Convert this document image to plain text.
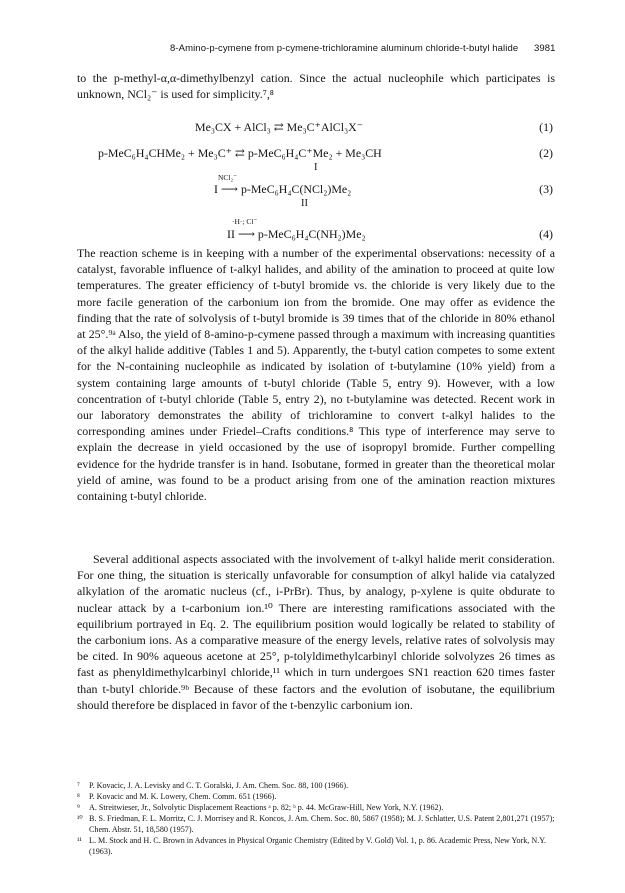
8-Amino-p-cymene from p-cymene-trichloramine aluminum chloride-t-butyl halide 3981

to the p-methyl-α,α-dimethylbenzyl cation. Since the actual nucleophile which participates is unknown, NCl₂⁻ is used for simplicity.⁷,⁸

Me₃CX + AlCl₃ ⇄ Me₃C⁺AlCl₃X⁻	(1)
p-MeC₆H₄CHMe₂ + Me₃C⁺ ⇄ p-MeC₆H₄C⁺Me₂ + Me₃CH	(2)
I
NCl₂⁻
I ⟶ p-MeC₆H₄C(NCl₂)Me₂	(3)
II
·H·; Cl⁻
II ⟶ p-MeC₆H₄C(NH₂)Me₂	(4)

The reaction scheme is in keeping with a number of the experimental observations: necessity of a catalyst, favorable influence of t-alkyl halides, and ability of the amination to proceed at quite low temperatures. The greater efficiency of t-butyl bromide vs. the chloride is very likely due to the more facile generation of the carbonium ion from the bromide. One may offer as evidence the finding that the rate of solvolysis of t-butyl bromide is 39 times that of the chloride in 80% ethanol at 25°.⁹ᵃ Also, the yield of 8-amino-p-cymene passed through a maximum with increasing quantities of the alkyl halide additive (Tables 1 and 5). Apparently, the t-butyl cation competes to some extent for the N-containing nucleophile as indicated by isolation of t-butylamine (10% yield) from a system containing large amounts of t-butyl chloride (Table 5, entry 9). However, with a low concentration of t-butyl chloride (Table 5, entry 2), no t-butylamine was detected. Recent work in our laboratory demonstrates the ability of trichloramine to convert t-alkyl halides to the corresponding amines under Friedel–Crafts conditions.⁸ This type of interference may serve to explain the decrease in yield occasioned by the use of isopropyl bromide. Further compelling evidence for the hydride transfer is in hand. Isobutane, formed in greater than the theoretical molar yield of amine, was found to be a product arising from one of the amination reaction mixtures containing t-butyl chloride.

Several additional aspects associated with the involvement of t-alkyl halide merit consideration. For one thing, the situation is sterically unfavorable for consumption of alkyl halide via catalyzed alkylation of the aromatic nucleus (cf., i-PrBr). Thus, by analogy, p-xylene is quite obdurate to nuclear attack by a t-carbonium ion.¹⁰ There are interesting ramifications associated with the equilibrium portrayed in Eq. 2. The equilibrium position would logically be related to stability of the carbonium ions. As a comparative measure of the energy levels, relative rates of solvolysis may be cited. In 90% aqueous acetone at 25°, p-tolyldimethylcarbinyl chloride solvolyzes 26 times as fast as phenyldimethylcarbinyl chloride,¹¹ which in turn undergoes SN1 reaction 620 times faster than t-butyl chloride.⁹ᵇ Because of these factors and the evolution of isobutane, the equilibrium should therefore be displaced in favor of the t-benzylic carbonium ion.

⁷ P. Kovacic, J. A. Levisky and C. T. Goralski, J. Am. Chem. Soc. 88, 100 (1966).

⁸ P. Kovacic and M. K. Lowery, Chem. Comm. 651 (1966).

⁹ A. Streitwieser, Jr., Solvolytic Displacement Reactions ᵃ p. 82; ᵇ p. 44. McGraw-Hill, New York, N.Y. (1962).

¹⁰ B. S. Friedman, F. L. Morritz, C. J. Morrisey and R. Koncos, J. Am. Chem. Soc. 80, 5867 (1958); M. J. Schlatter, U.S. Patent 2,801,271 (1957); Chem. Abstr. 51, 18,580 (1957).

¹¹ L. M. Stock and H. C. Brown in Advances in Physical Organic Chemistry (Edited by V. Gold) Vol. 1, p. 86. Academic Press, New York, N.Y. (1963).
